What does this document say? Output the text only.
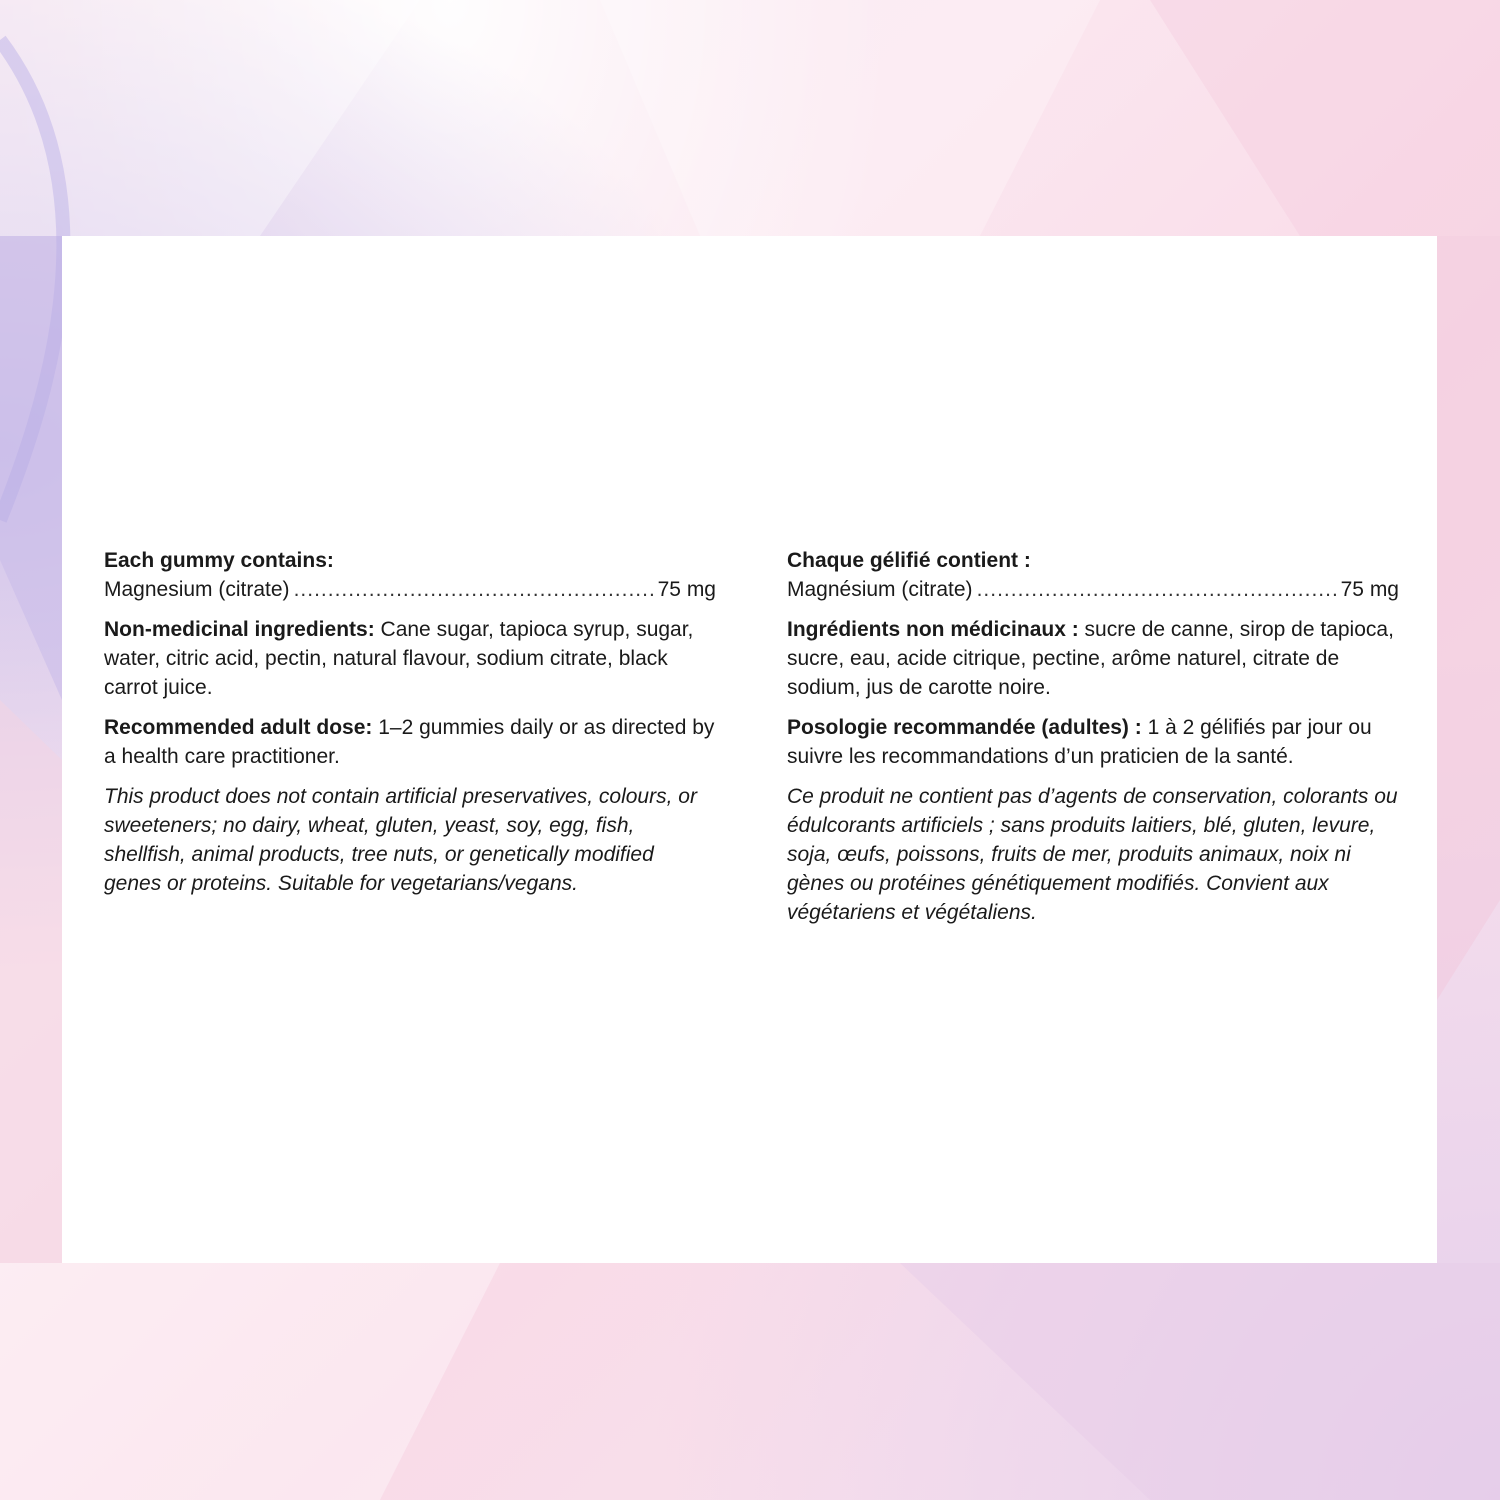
Each gummy contains:
Magnesium (citrate) .....	75 mg

Non-medicinal ingredients: Cane sugar, tapioca syrup, sugar, water, citric acid, pectin, natural flavour, sodium citrate, black carrot juice.

Recommended adult dose: 1–2 gummies daily or as directed by a health care practitioner.

This product does not contain artificial preservatives, colours, or sweeteners; no dairy, wheat, gluten, yeast, soy, egg, fish, shellfish, animal products, tree nuts, or genetically modified genes or proteins. Suitable for vegetarians/vegans.

Chaque gélifié contient :
Magnésium (citrate) .....	75 mg

Ingrédients non médicinaux : sucre de canne, sirop de tapioca, sucre, eau, acide citrique, pectine, arôme naturel, citrate de sodium, jus de carotte noire.

Posologie recommandée (adultes) : 1 à 2 gélifiés par jour ou suivre les recommandations d’un praticien de la santé.

Ce produit ne contient pas d’agents de conservation, colorants ou édulcorants artificiels ; sans produits laitiers, blé, gluten, levure, soja, œufs, poissons, fruits de mer, produits animaux, noix ni gènes ou protéines génétiquement modifiés. Convient aux végétariens et végétaliens.
